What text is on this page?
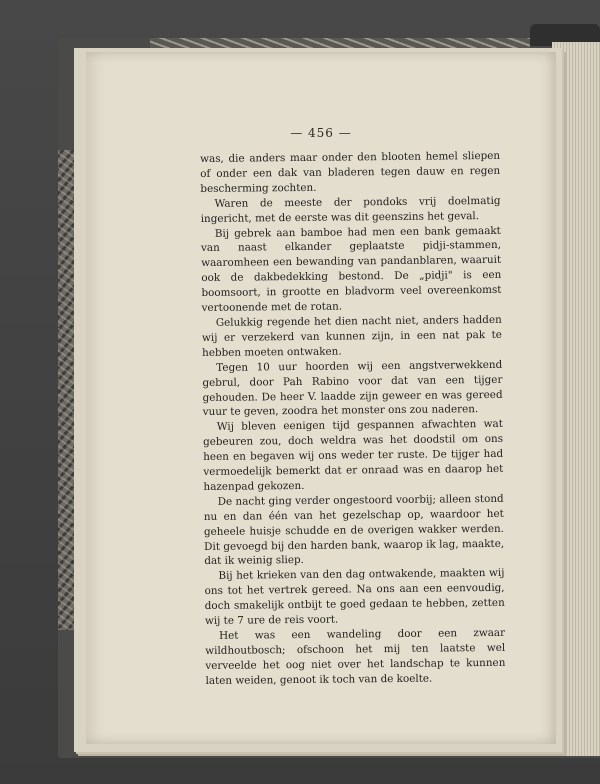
— 456 —

was, die anders maar onder den blooten hemel sliepen of onder een dak van bladeren tegen dauw en regen bescherming zochten.

Waren de meeste der pondoks vrij doelmatig ingericht, met de eerste was dit geenszins het geval.

Bij gebrek aan bamboe had men een bank gemaakt van naast elkander geplaatste pidji-stammen, waaromheen een bewanding van pandanblaren, waaruit ook de dakbedekking bestond. De „pidji" is een boomsoort, in grootte en bladvorm veel overeenkomst vertoonende met de rotan.

Gelukkig regende het dien nacht niet, anders hadden wij er verzekerd van kunnen zijn, in een nat pak te hebben moeten ontwaken.

Tegen 10 uur hoorden wij een angstverwekkend gebrul, door Pah Rabino voor dat van een tijger gehouden. De heer V. laadde zijn geweer en was gereed vuur te geven, zoodra het monster ons zou naderen.

Wij bleven eenigen tijd gespannen afwachten wat gebeuren zou, doch weldra was het doodstil om ons heen en begaven wij ons weder ter ruste. De tijger had vermoedelijk bemerkt dat er onraad was en daarop het hazenpad gekozen.

De nacht ging verder ongestoord voorbij; alleen stond nu en dan één van het gezelschap op, waardoor het geheele huisje schudde en de overigen wakker werden. Dit gevoegd bij den harden bank, waarop ik lag, maakte, dat ik weinig sliep.

Bij het krieken van den dag ontwakende, maakten wij ons tot het vertrek gereed. Na ons aan een eenvoudig, doch smakelijk ontbijt te goed gedaan te hebben, zetten wij te 7 ure de reis voort.

Het was een wandeling door een zwaar wildhoutbosch; ofschoon het mij ten laatste wel verveelde het oog niet over het landschap te kunnen laten weiden, genoot ik toch van de koelte.
